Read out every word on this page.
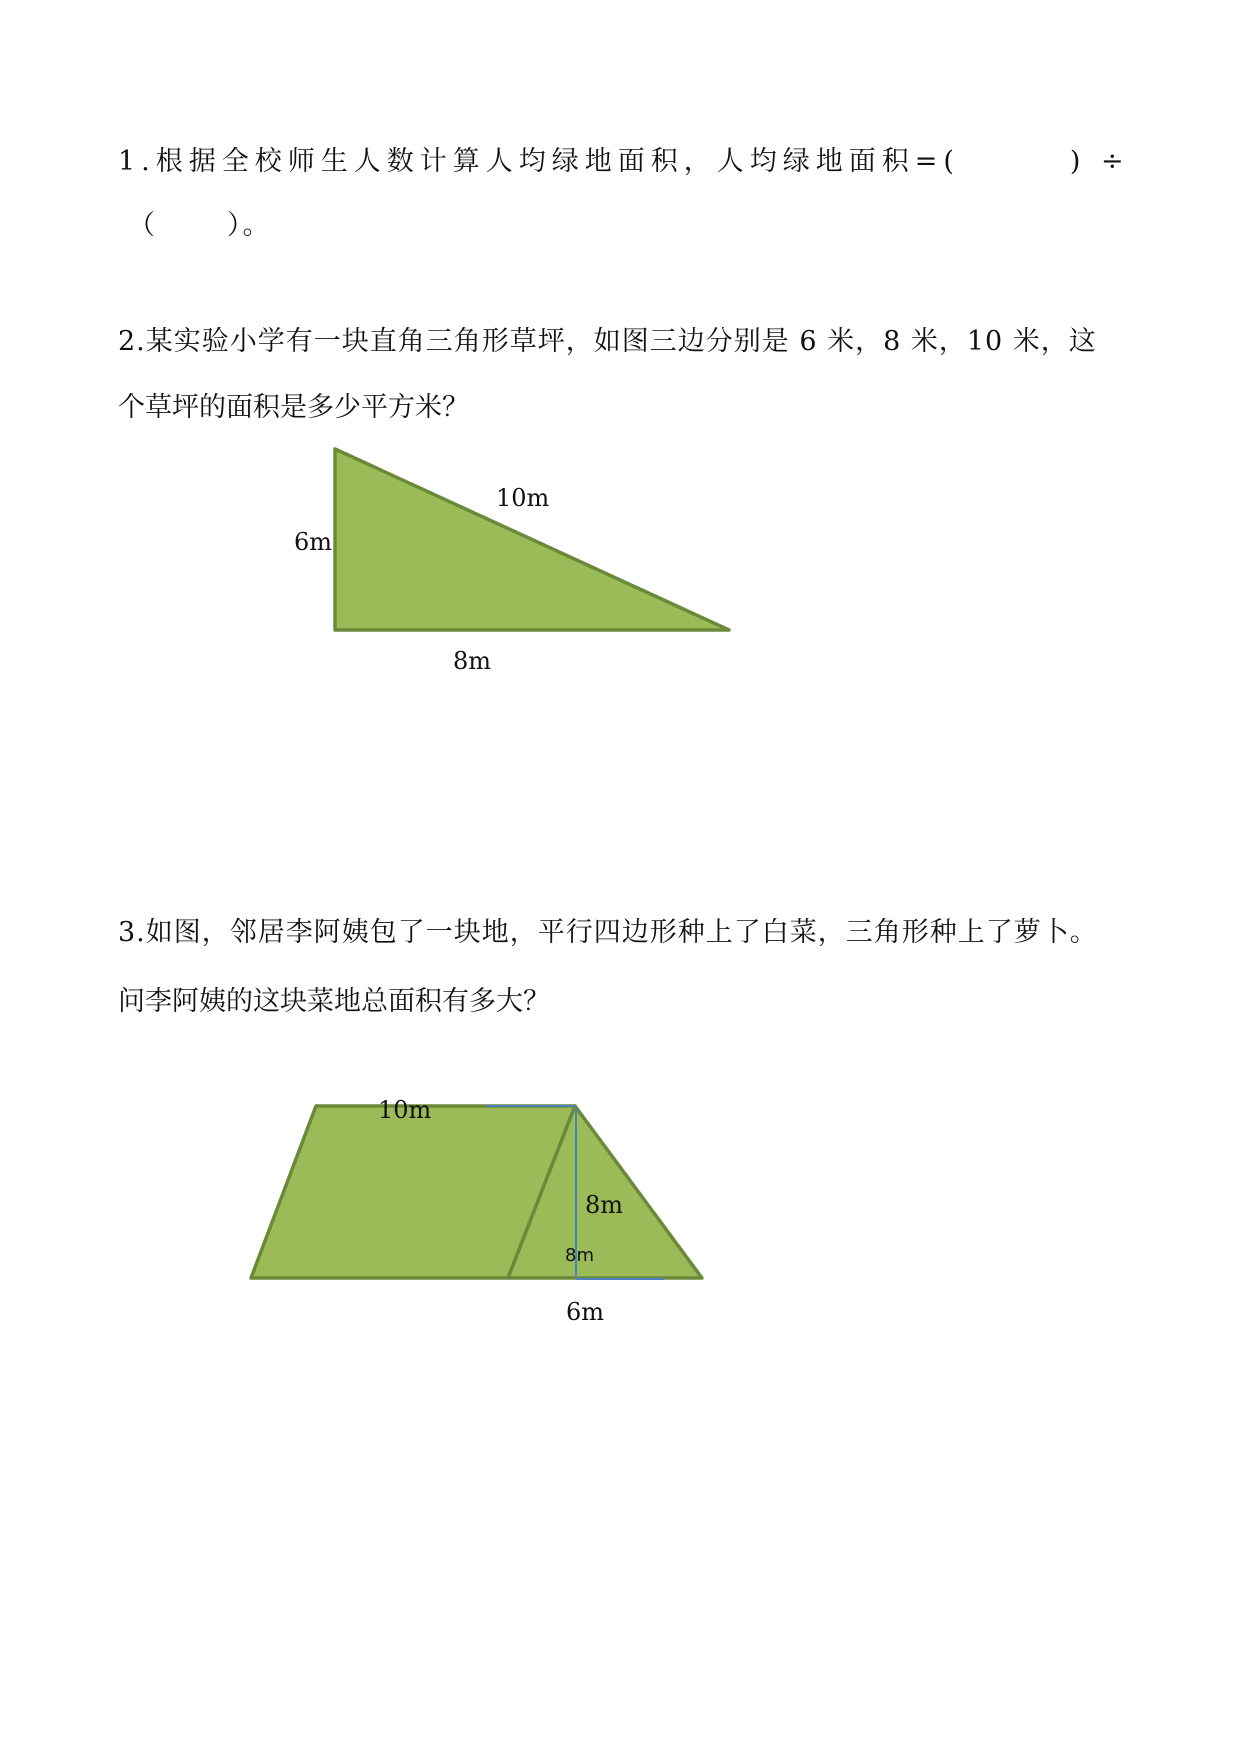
1.根据全校师生人数计算人均绿地面积，人均绿地面积=(	) ÷
（	）。
2.某实验小学有一块直角三角形草坪，如图三边分别是 6 米，8 米，10 米，这
个草坪的面积是多少平方米？
3.如图，邻居李阿姨包了一块地，平行四边形种上了白菜，三角形种上了萝卜。
问李阿姨的这块菜地总面积有多大？
6m
10m
8m
10m
8m
8m
6m
